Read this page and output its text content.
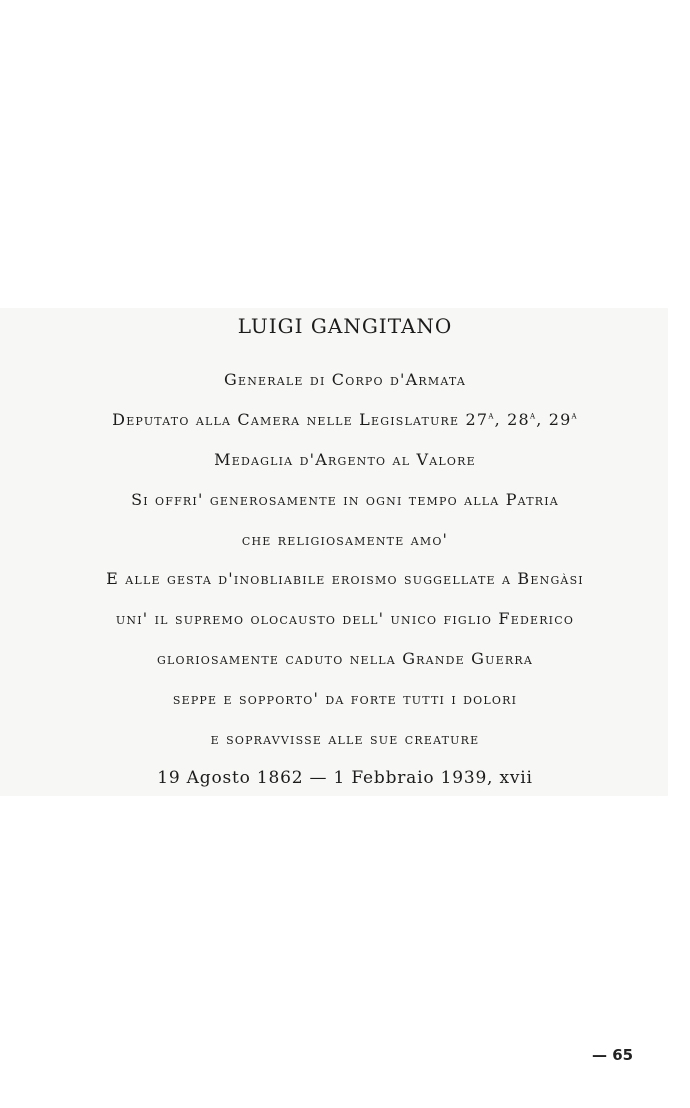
LUIGI GANGITANO
Generale di Corpo d'Armata
Deputato alla Camera nelle Legislature 27$^a$, 28$^a$, 29$^a$
Medaglia d'Argento al Valore
Si offri' generosamente in ogni tempo alla Patria
che religiosamente amo'
E alle gesta d'inobliabile eroismo suggellate a Bengàsi
uni' il supremo olocausto dell' unico figlio Federico
gloriosamente caduto nella Grande Guerra
seppe e sopporto' da forte tutti i dolori
e sopravvisse alle sue creature
19 Agosto 1862 — 1 Febbraio 1939, xvii
— 65
